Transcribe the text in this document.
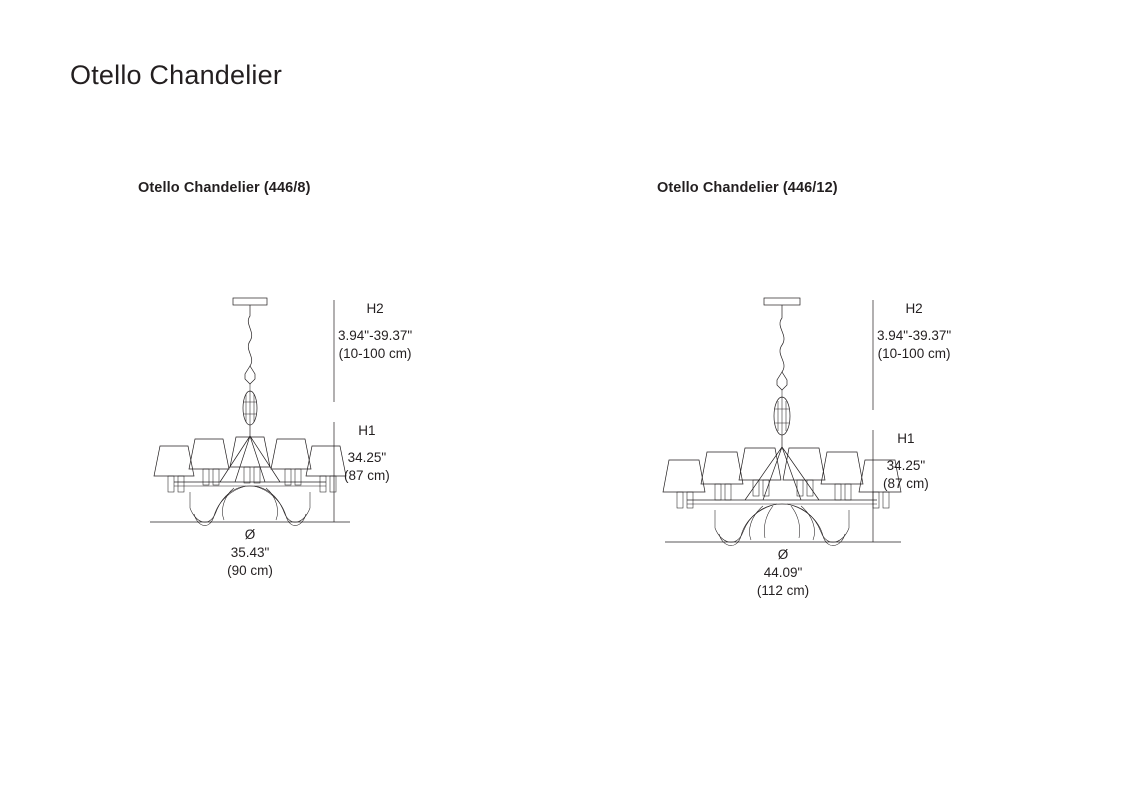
Otello Chandelier
Otello Chandelier (446/8)
H2
3.94"-39.37"
(10-100 cm)
H1
34.25"
(87 cm)
Ø
35.43"
(90 cm)
Otello Chandelier (446/12)
H2
3.94"-39.37"
(10-100 cm)
H1
34.25"
(87 cm)
Ø
44.09"
(112 cm)
